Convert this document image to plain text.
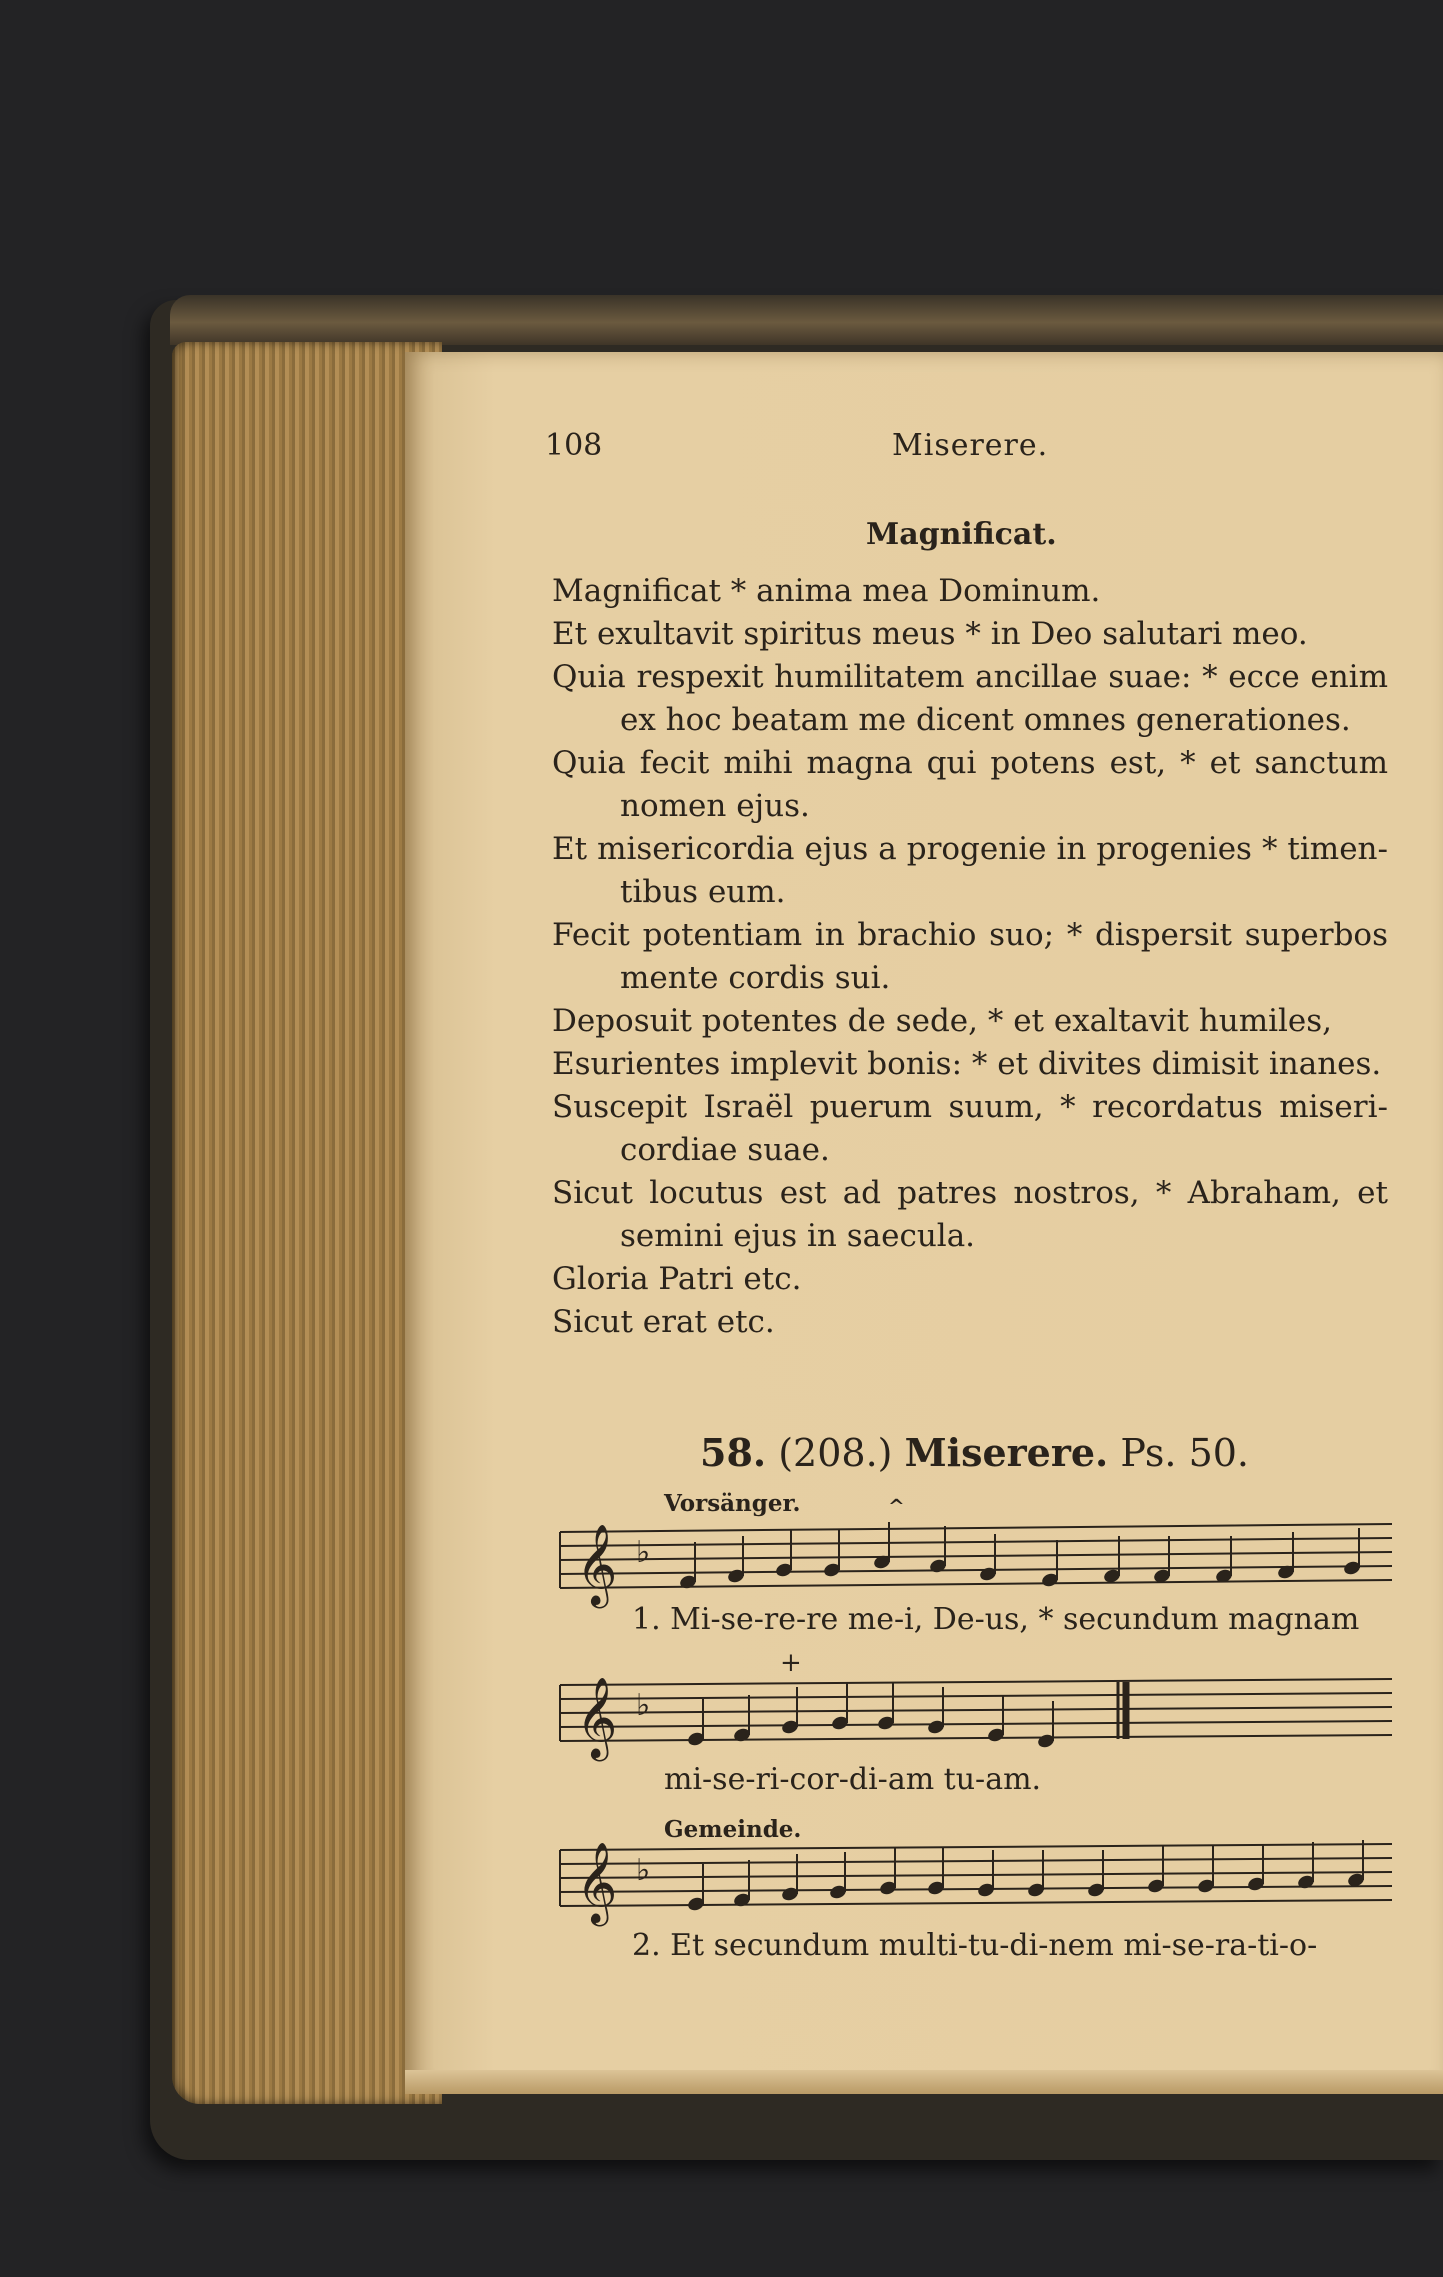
108	Miserere.
Magnificat.
Magnificat * anima mea Dominum.
Et exultavit spiritus meus * in Deo salutari meo.
Quia respexit humilitatem ancillae suae: * ecce enim
ex hoc beatam me dicent omnes generationes.
Quia fecit mihi magna qui potens est, * et sanctum
nomen ejus.
Et misericordia ejus a progenie in progenies * timen-
tibus eum.
Fecit potentiam in brachio suo; * dispersit superbos
mente cordis sui.
Deposuit potentes de sede, * et exaltavit humiles,
Esurientes implevit bonis: * et divites dimisit inanes.
Suscepit Israël puerum suum, * recordatus miseri-
cordiae suae.
Sicut locutus est ad patres nostros, * Abraham, et
semini ejus in saecula.
Gloria Patri etc.
Sicut erat etc.
58. (208.) Miserere. Ps. 50.
Vorsänger.	^
𝄞 ♭
1. Mi-se-re-re me-i, De-us, * secundum magnam
+
𝄞 ♭
mi-se-ri-cor-di-am tu-am.
Gemeinde.
𝄞 ♭
2. Et secundum multi-tu-di-nem mi-se-ra-ti-o-
